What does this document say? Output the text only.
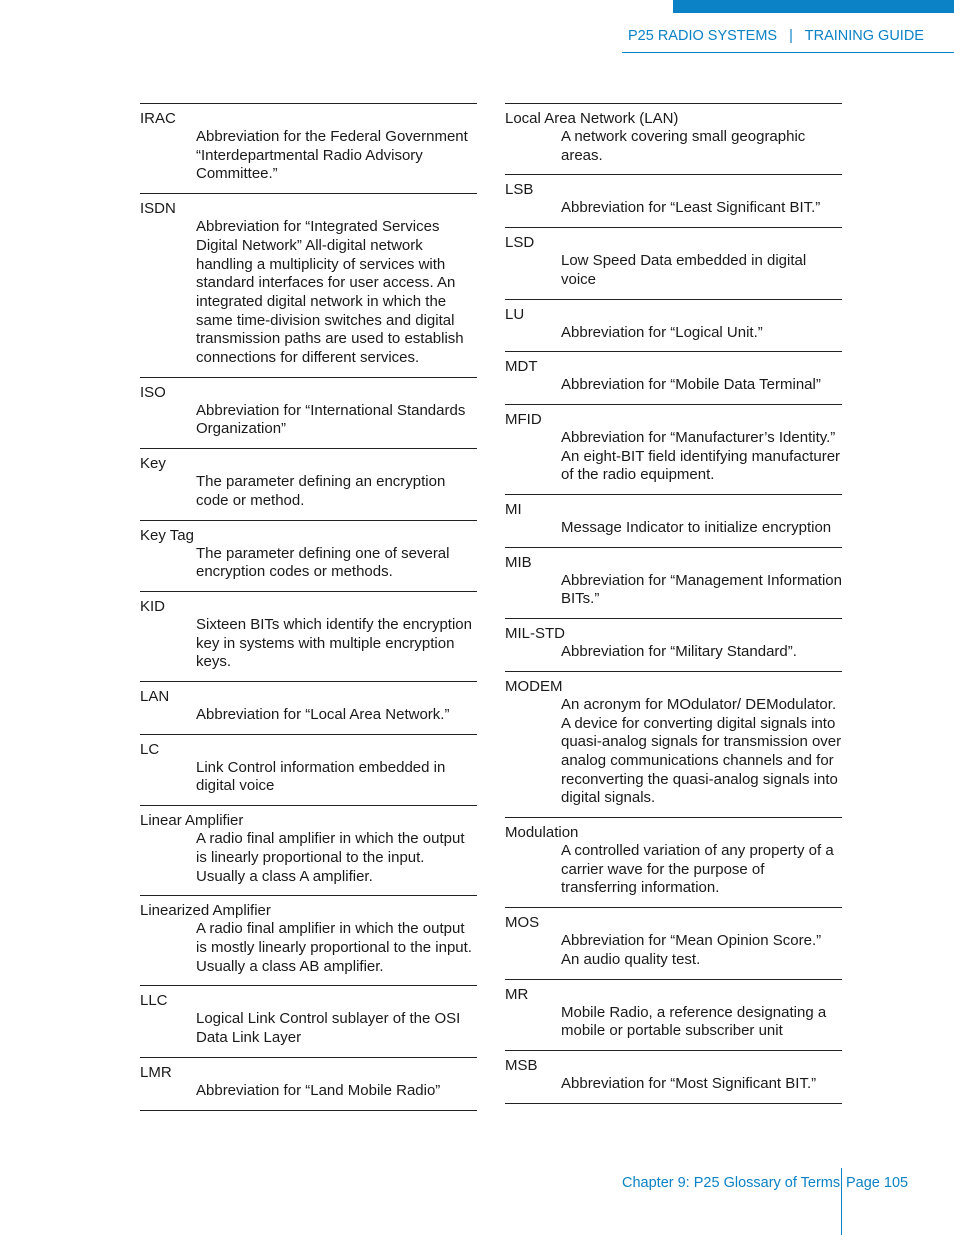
P25 RADIO SYSTEMS   |   TRAINING GUIDE
IRAC
Abbreviation for the Federal Government “Interdepartmental Radio Advisory Committee.”
ISDN
Abbreviation for “Integrated Services Digital Network” All-digital network handling a multiplicity of services with standard interfaces for user access. An integrated digital network in which the same time-division switches and digital transmission paths are used to establish connections for different services.
ISO
Abbreviation for “International Standards Organization”
Key
The parameter defining an encryption code or method.
Key Tag
The parameter defining one of several encryption codes or methods.
KID
Sixteen BITs which identify the encryption key in systems with multiple encryption keys.
LAN
Abbreviation for “Local Area Network.”
LC
Link Control information embedded in digital voice
Linear Amplifier
A radio final amplifier in which the output is linearly proportional to the input. Usually a class A amplifier.
Linearized Amplifier
A radio final amplifier in which the output is mostly linearly proportional to the input. Usually a class AB amplifier.
LLC
Logical Link Control sublayer of the OSI Data Link Layer
LMR
Abbreviation for “Land Mobile Radio”
Local Area Network (LAN)
A network covering small geographic areas.
LSB
Abbreviation for “Least Significant BIT.”
LSD
Low Speed Data embedded in digital voice
LU
Abbreviation for “Logical Unit.”
MDT
Abbreviation for “Mobile Data Terminal”
MFID
Abbreviation for “Manufacturer’s Identity.” An eight-BIT field identifying manufacturer of the radio equipment.
MI
Message Indicator to initialize encryption
MIB
Abbreviation for “Management Information BITs.”
MIL-STD
Abbreviation for “Military Standard”.
MODEM
An acronym for MOdulator/ DEModulator. A device for converting digital signals into quasi-analog signals for transmission over analog communications channels and for reconverting the quasi-analog signals into digital signals.
Modulation
A controlled variation of any property of a carrier wave for the purpose of transferring information.
MOS
Abbreviation for “Mean Opinion Score.” An audio quality test.
MR
Mobile Radio, a reference designating a mobile or portable subscriber unit
MSB
Abbreviation for “Most Significant BIT.”
Chapter 9: P25 Glossary of Terms Page 105
